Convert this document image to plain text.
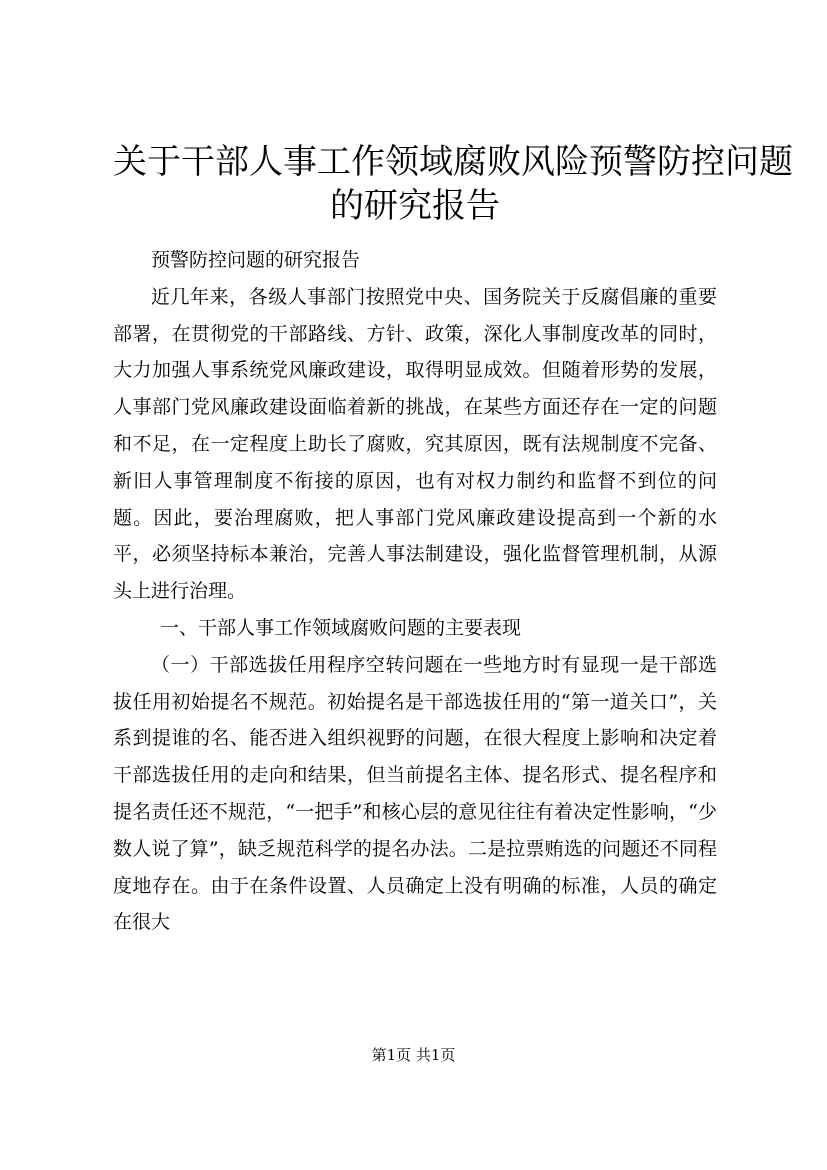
关于干部人事工作领域腐败风险预警防控问题
的研究报告

预警防控问题的研究报告

近几年来，各级人事部门按照党中央、国务院关于反腐倡廉的重要部署，在贯彻党的干部路线、方针、政策，深化人事制度改革的同时，大力加强人事系统党风廉政建设，取得明显成效。但随着形势的发展，人事部门党风廉政建设面临着新的挑战，在某些方面还存在一定的问题和不足，在一定程度上助长了腐败，究其原因，既有法规制度不完备、新旧人事管理制度不衔接的原因，也有对权力制约和监督不到位的问题。因此，要治理腐败，把人事部门党风廉政建设提高到一个新的水平，必须坚持标本兼治，完善人事法制建设，强化监督管理机制，从源头上进行治理。

一、干部人事工作领域腐败问题的主要表现

（一）干部选拔任用程序空转问题在一些地方时有显现一是干部选拔任用初始提名不规范。初始提名是干部选拔任用的“第一道关口”，关系到提谁的名、能否进入组织视野的问题，在很大程度上影响和决定着干部选拔任用的走向和结果，但当前提名主体、提名形式、提名程序和提名责任还不规范，“一把手”和核心层的意见往往有着决定性影响，“少数人说了算”，缺乏规范科学的提名办法。二是拉票贿选的问题还不同程度地存在。由于在条件设置、人员确定上没有明确的标准，人员的确定在很大

第1页 共1页
